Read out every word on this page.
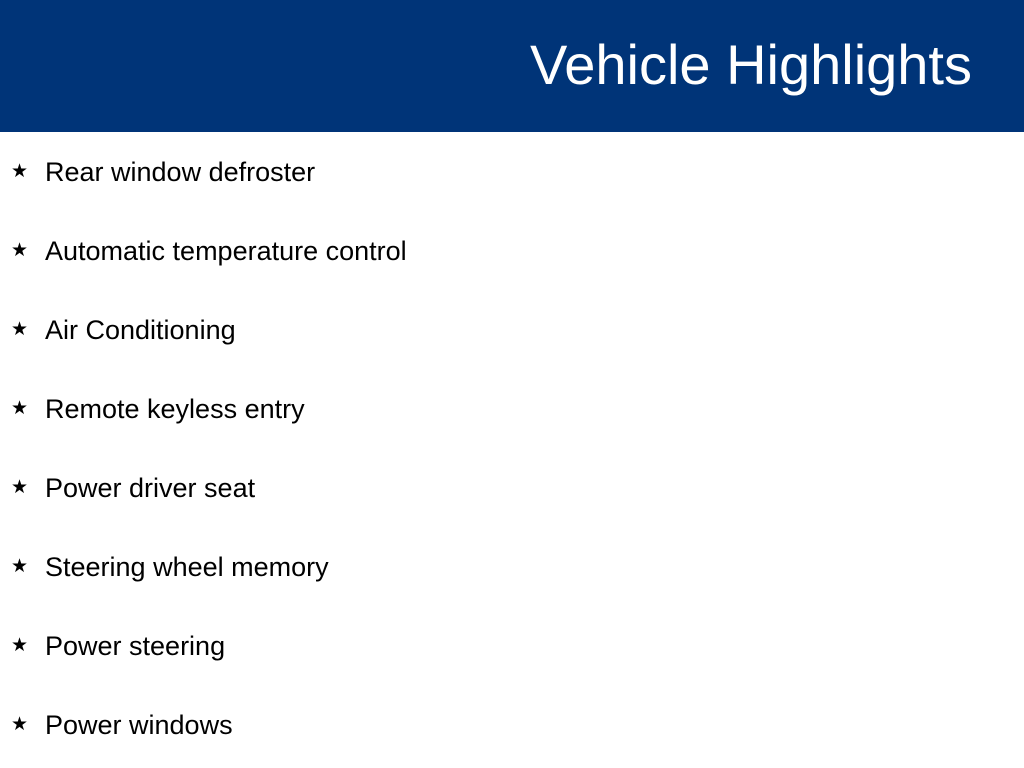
Vehicle Highlights
★ Rear window defroster
★ Automatic temperature control
★ Air Conditioning
★ Remote keyless entry
★ Power driver seat
★ Steering wheel memory
★ Power steering
★ Power windows
